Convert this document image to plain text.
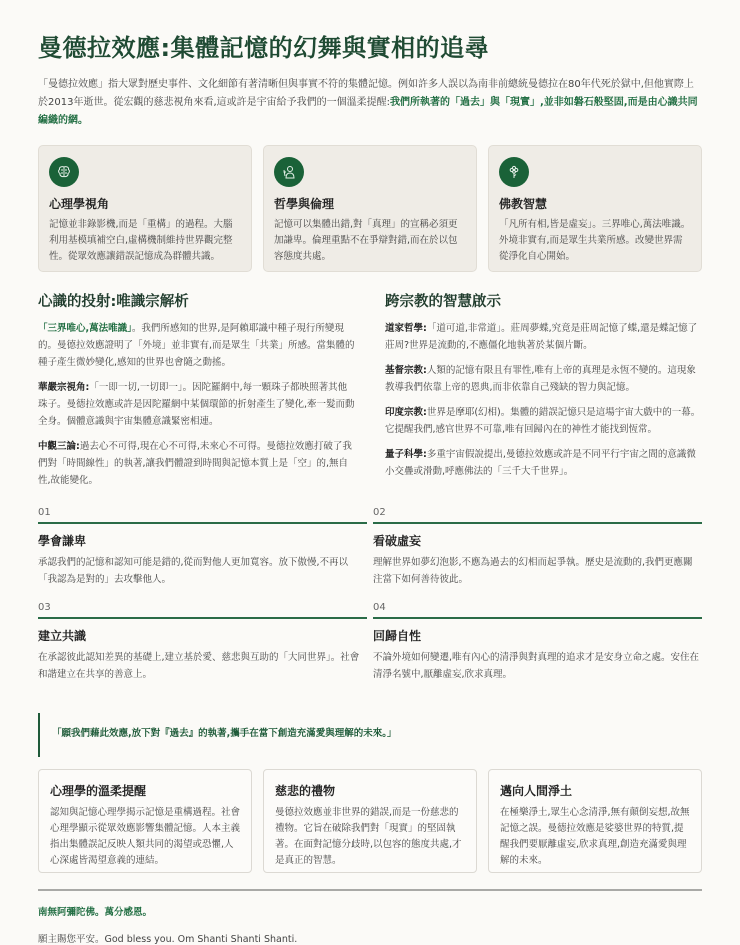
曼德拉效應:集體記憶的幻舞與實相的追尋

「曼德拉效應」指大眾對歷史事件、文化細節有著清晰但與事實不符的集體記憶。例如許多人誤以為南非前總統曼德拉在80年代死於獄中,但他實際上於2013年逝世。從宏觀的慈悲視角來看,這或許是宇宙給予我們的一個溫柔提醒:我們所執著的「過去」與「現實」,並非如磐石般堅固,而是由心識共同編織的網。

心理學視角

記憶並非錄影機,而是「重構」的過程。大腦利用基模填補空白,虛構機制維持世界觀完整性。從眾效應讓錯誤記憶成為群體共識。

哲學與倫理

記憶可以集體出錯,對「真理」的宣稱必須更加謙卑。倫理重點不在爭辯對錯,而在於以包容態度共處。

佛教智慧

「凡所有相,皆是虛妄」。三界唯心,萬法唯識。外境非實有,而是眾生共業所感。改變世界需從淨化自心開始。

心識的投射:唯識宗解析

「三界唯心,萬法唯識」。我們所感知的世界,是阿賴耶識中種子現行所變現的。曼德拉效應證明了「外境」並非實有,而是眾生「共業」所感。當集體的種子產生微妙變化,感知的世界也會隨之動搖。

華嚴宗視角:「一即一切,一切即一」。因陀羅網中,每一顆珠子都映照著其他珠子。曼德拉效應或許是因陀羅網中某個環節的折射產生了變化,牽一髮而動全身。個體意識與宇宙集體意識緊密相連。

中觀三論:過去心不可得,現在心不可得,未來心不可得。曼德拉效應打破了我們對「時間線性」的執著,讓我們體證到時間與記憶本質上是「空」的,無自性,故能變化。

跨宗教的智慧啟示

道家哲學:「道可道,非常道」。莊周夢蝶,究竟是莊周記憶了蝶,還是蝶記憶了莊周?世界是流動的,不應僵化地執著於某個片斷。

基督宗教:人類的記憶有限且有罪性,唯有上帝的真理是永恆不變的。這現象教導我們依靠上帝的恩典,而非依靠自己殘缺的智力與記憶。

印度宗教:世界是摩耶(幻相)。集體的錯誤記憶只是這場宇宙大戲中的一幕。它提醒我們,感官世界不可靠,唯有回歸內在的神性才能找到恆常。

量子科學:多重宇宙假說提出,曼德拉效應或許是不同平行宇宙之間的意識微小交疊或滑動,呼應佛法的「三千大千世界」。

01
學會謙卑

承認我們的記憶和認知可能是錯的,從而對他人更加寬容。放下傲慢,不再以「我認為是對的」去攻擊他人。

02
看破虛妄

理解世界如夢幻泡影,不應為過去的幻相而起爭執。歷史是流動的,我們更應關注當下如何善待彼此。

03
建立共識

在承認彼此認知差異的基礎上,建立基於愛、慈悲與互助的「大同世界」。社會和諧建立在共享的善意上。

04
回歸自性

不論外境如何變遷,唯有內心的清淨與對真理的追求才是安身立命之處。安住在清淨名號中,厭離虛妄,欣求真理。

「願我們藉此效應,放下對『過去』的執著,攜手在當下創造充滿愛與理解的未來。」
心理學的溫柔提醒

認知與記憶心理學揭示記憶是重構過程。社會心理學顯示從眾效應影響集體記憶。人本主義指出集體誤記反映人類共同的渴望或恐懼,人心深處皆渴望意義的連結。

慈悲的禮物

曼德拉效應並非世界的錯誤,而是一份慈悲的禮物。它旨在破除我們對「現實」的堅固執著。在面對記憶分歧時,以包容的態度共處,才是真正的智慧。

邁向人間淨土

在極樂淨土,眾生心念清淨,無有顛倒妄想,故無記憶之誤。曼德拉效應是娑婆世界的特質,提醒我們要厭離虛妄,欣求真理,創造充滿愛與理解的未來。

南無阿彌陀佛。萬分感恩。

願主賜您平安。God bless you. Om Shanti Shanti Shanti.
